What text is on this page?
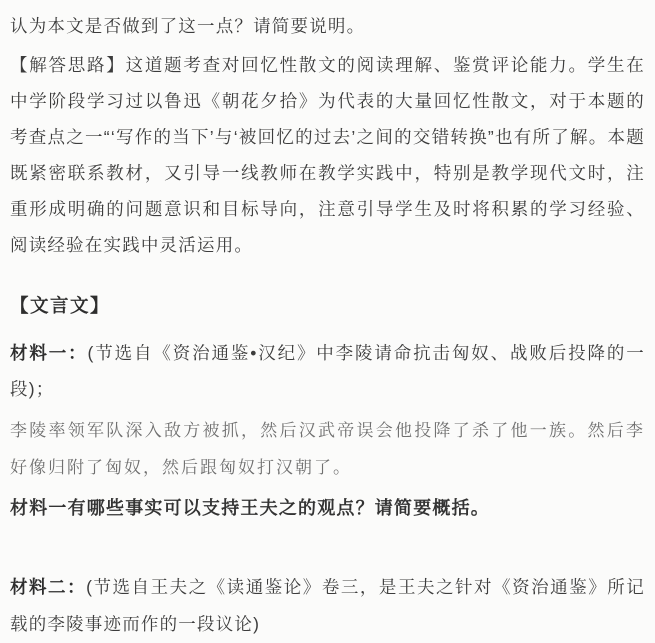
认为本文是否做到了这一点？请简要说明。

【解答思路】这道题考查对回忆性散文的阅读理解、鉴赏评论能力。学生在中学阶段学习过以鲁迅《朝花夕拾》为代表的大量回忆性散文，对于本题的考查点之一“‘写作的当下’与‘被回忆的过去’之间的交错转换”也有所了解。本题既紧密联系教材，又引导一线教师在教学实践中，特别是教学现代文时，注重形成明确的问题意识和目标导向，注意引导学生及时将积累的学习经验、阅读经验在实践中灵活运用。

【文言文】

材料一：(节选自《资治通鉴•汉纪》中李陵请命抗击匈奴、战败后投降的一段)；

李陵率领军队深入敌方被抓，然后汉武帝误会他投降了杀了他一族。然后李好像归附了匈奴，然后跟匈奴打汉朝了。

材料一有哪些事实可以支持王夫之的观点？请简要概括。

材料二：(节选自王夫之《读通鉴论》卷三，是王夫之针对《资治通鉴》所记载的李陵事迹而作的一段议论)
